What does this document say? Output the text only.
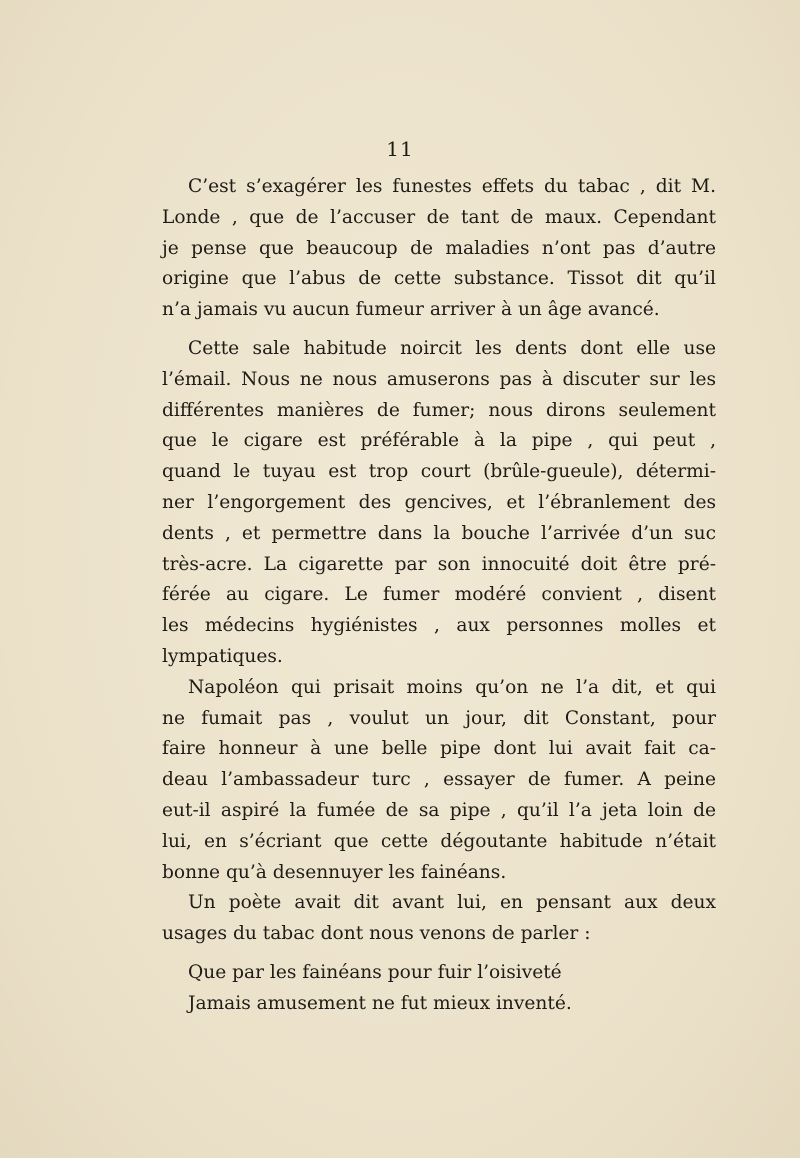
11
C’est s’exagérer les funestes effets du tabac , dit M.
Londe , que de l’accuser de tant de maux. Cependant
je pense que beaucoup de maladies n’ont pas d’autre
origine que l’abus de cette substance. Tissot dit qu’il
n’a jamais vu aucun fumeur arriver à un âge avancé.
Cette sale habitude noircit les dents dont elle use
l’émail. Nous ne nous amuserons pas à discuter sur les
différentes manières de fumer; nous dirons seulement
que le cigare est préférable à la pipe , qui peut ,
quand le tuyau est trop court (brûle-gueule), détermi-
ner l’engorgement des gencives, et l’ébranlement des
dents , et permettre dans la bouche l’arrivée d’un suc
très-acre. La cigarette par son innocuité doit être pré-
férée au cigare. Le fumer modéré convient , disent
les médecins hygiénistes , aux personnes molles et
lympatiques.
Napoléon qui prisait moins qu’on ne l’a dit, et qui
ne fumait pas , voulut un jour, dit Constant, pour
faire honneur à une belle pipe dont lui avait fait ca-
deau l’ambassadeur turc , essayer de fumer. A peine
eut-il aspiré la fumée de sa pipe , qu’il l’a jeta loin de
lui, en s’écriant que cette dégoutante habitude n’était
bonne qu’à desennuyer les fainéans.
Un poète avait dit avant lui, en pensant aux deux
usages du tabac dont nous venons de parler :
Que par les fainéans pour fuir l’oisiveté
Jamais amusement ne fut mieux inventé.
